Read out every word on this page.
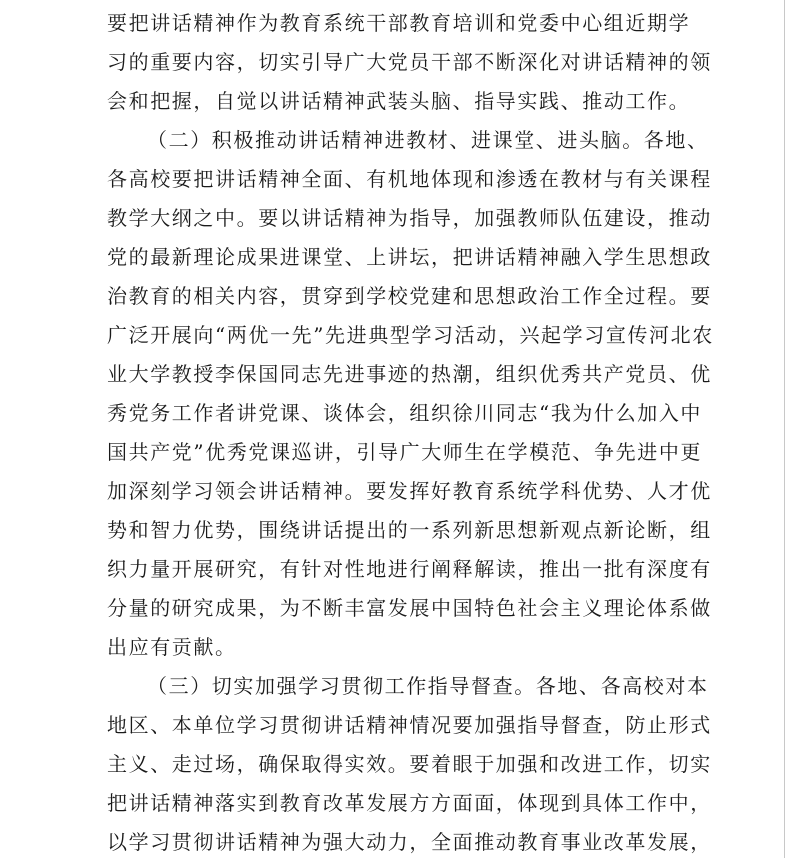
要把讲话精神作为教育系统干部教育培训和党委中心组近期学
习的重要内容，切实引导广大党员干部不断深化对讲话精神的领
会和把握，自觉以讲话精神武装头脑、指导实践、推动工作。
（二）积极推动讲话精神进教材、进课堂、进头脑。各地、
各高校要把讲话精神全面、有机地体现和渗透在教材与有关课程
教学大纲之中。要以讲话精神为指导，加强教师队伍建设，推动
党的最新理论成果进课堂、上讲坛，把讲话精神融入学生思想政
治教育的相关内容，贯穿到学校党建和思想政治工作全过程。要
广泛开展向“两优一先”先进典型学习活动，兴起学习宣传河北农
业大学教授李保国同志先进事迹的热潮，组织优秀共产党员、优
秀党务工作者讲党课、谈体会，组织徐川同志“我为什么加入中
国共产党”优秀党课巡讲，引导广大师生在学模范、争先进中更
加深刻学习领会讲话精神。要发挥好教育系统学科优势、人才优
势和智力优势，围绕讲话提出的一系列新思想新观点新论断，组
织力量开展研究，有针对性地进行阐释解读，推出一批有深度有
分量的研究成果，为不断丰富发展中国特色社会主义理论体系做
出应有贡献。
（三）切实加强学习贯彻工作指导督查。各地、各高校对本
地区、本单位学习贯彻讲话精神情况要加强指导督查，防止形式
主义、走过场，确保取得实效。要着眼于加强和改进工作，切实
把讲话精神落实到教育改革发展方方面面，体现到具体工作中，
以学习贯彻讲话精神为强大动力，全面推动教育事业改革发展，
